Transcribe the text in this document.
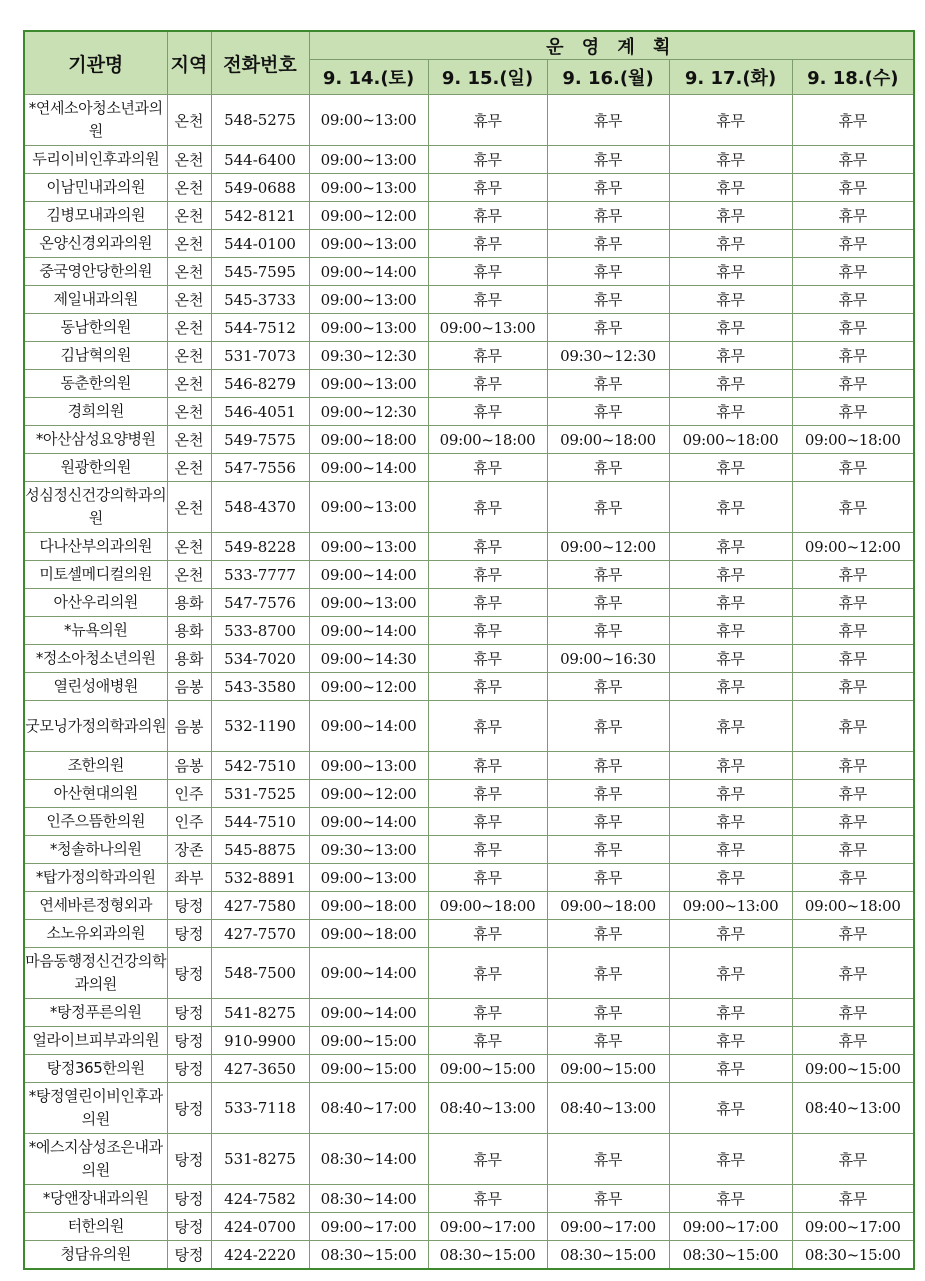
기관명	지역	전화번호	운 영 계 획				
			9. 14.(토)	9. 15.(일)	9. 16.(월)	9. 17.(화)	9. 18.(수)
*연세소아청소년과의원	온천	548-5275	09:00~13:00	휴무	휴무	휴무	휴무
두리이비인후과의원	온천	544-6400	09:00~13:00	휴무	휴무	휴무	휴무
이남민내과의원	온천	549-0688	09:00~13:00	휴무	휴무	휴무	휴무
김병모내과의원	온천	542-8121	09:00~12:00	휴무	휴무	휴무	휴무
온양신경외과의원	온천	544-0100	09:00~13:00	휴무	휴무	휴무	휴무
중국영안당한의원	온천	545-7595	09:00~14:00	휴무	휴무	휴무	휴무
제일내과의원	온천	545-3733	09:00~13:00	휴무	휴무	휴무	휴무
동남한의원	온천	544-7512	09:00~13:00	09:00~13:00	휴무	휴무	휴무
김남혁의원	온천	531-7073	09:30~12:30	휴무	09:30~12:30	휴무	휴무
동춘한의원	온천	546-8279	09:00~13:00	휴무	휴무	휴무	휴무
경희의원	온천	546-4051	09:00~12:30	휴무	휴무	휴무	휴무
*아산삼성요양병원	온천	549-7575	09:00~18:00	09:00~18:00	09:00~18:00	09:00~18:00	09:00~18:00
원광한의원	온천	547-7556	09:00~14:00	휴무	휴무	휴무	휴무
성심정신건강의학과의원	온천	548-4370	09:00~13:00	휴무	휴무	휴무	휴무
다나산부의과의원	온천	549-8228	09:00~13:00	휴무	09:00~12:00	휴무	09:00~12:00
미토셀메디컬의원	온천	533-7777	09:00~14:00	휴무	휴무	휴무	휴무
아산우리의원	용화	547-7576	09:00~13:00	휴무	휴무	휴무	휴무
*뉴욕의원	용화	533-8700	09:00~14:00	휴무	휴무	휴무	휴무
*정소아청소년의원	용화	534-7020	09:00~14:30	휴무	09:00~16:30	휴무	휴무
열린성애병원	음봉	543-3580	09:00~12:00	휴무	휴무	휴무	휴무
굿모닝가정의학과의원	음봉	532-1190	09:00~14:00	휴무	휴무	휴무	휴무
조한의원	음봉	542-7510	09:00~13:00	휴무	휴무	휴무	휴무
아산현대의원	인주	531-7525	09:00~12:00	휴무	휴무	휴무	휴무
인주으뜸한의원	인주	544-7510	09:00~14:00	휴무	휴무	휴무	휴무
*청솔하나의원	장존	545-8875	09:30~13:00	휴무	휴무	휴무	휴무
*탑가정의학과의원	좌부	532-8891	09:00~13:00	휴무	휴무	휴무	휴무
연세바른정형외과	탕정	427-7580	09:00~18:00	09:00~18:00	09:00~18:00	09:00~13:00	09:00~18:00
소노유외과의원	탕정	427-7570	09:00~18:00	휴무	휴무	휴무	휴무
마음동행정신건강의학과의원	탕정	548-7500	09:00~14:00	휴무	휴무	휴무	휴무
*탕정푸른의원	탕정	541-8275	09:00~14:00	휴무	휴무	휴무	휴무
얼라이브피부과의원	탕정	910-9900	09:00~15:00	휴무	휴무	휴무	휴무
탕정365한의원	탕정	427-3650	09:00~15:00	09:00~15:00	09:00~15:00	휴무	09:00~15:00
*탕정열린이비인후과의원	탕정	533-7118	08:40~17:00	08:40~13:00	08:40~13:00	휴무	08:40~13:00
*에스지삼성조은내과의원	탕정	531-8275	08:30~14:00	휴무	휴무	휴무	휴무
*당앤장내과의원	탕정	424-7582	08:30~14:00	휴무	휴무	휴무	휴무
터한의원	탕정	424-0700	09:00~17:00	09:00~17:00	09:00~17:00	09:00~17:00	09:00~17:00
청담유의원	탕정	424-2220	08:30~15:00	08:30~15:00	08:30~15:00	08:30~15:00	08:30~15:00
